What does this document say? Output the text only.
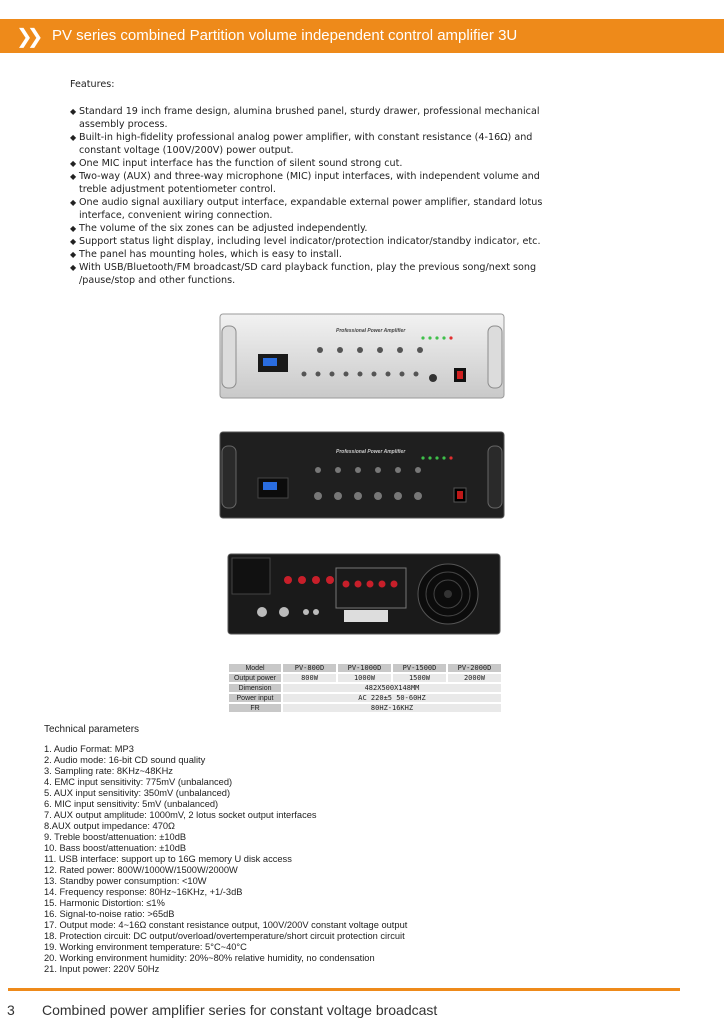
❯❯ PV series combined Partition volume independent control amplifier 3U
Features:
◆ Standard 19 inch frame design, alumina brushed panel, sturdy drawer, professional mechanical assembly process.
◆ Built-in high-fidelity professional analog power amplifier, with constant resistance (4-16Ω) and constant voltage (100V/200V) power output.
◆ One MIC input interface has the function of silent sound strong cut.
◆ Two-way (AUX) and three-way microphone (MIC) input interfaces, with independent volume and treble adjustment potentiometer control.
◆ One audio signal auxiliary output interface, expandable external power amplifier, standard lotus interface, convenient wiring connection.
◆ The volume of the six zones can be adjusted independently.
◆ Support status light display, including level indicator/protection indicator/standby indicator, etc.
◆ The panel has mounting holes, which is easy to install.
◆ With USB/Bluetooth/FM broadcast/SD card playback function, play the previous song/next song /pause/stop and other functions.
Professional Power Amplifier
Professional Power Amplifier
Model	PV-800D	PV-1000D	PV-1500D	PV-2000D
Output power	800W	1000W	1500W	2000W
Dimension	482X500X148MM			
Power input	AC 220±5 50-60HZ			
FR	80HZ-16KHZ			
Technical parameters
1. Audio Format: MP3
2. Audio mode: 16-bit CD sound quality
3. Sampling rate: 8KHz~48KHz
4. EMC input sensitivity: 775mV (unbalanced)
5. AUX input sensitivity: 350mV (unbalanced)
6. MIC input sensitivity: 5mV (unbalanced)
7. AUX output amplitude: 1000mV, 2 lotus socket output interfaces
8.AUX output impedance: 470Ω
9. Treble boost/attenuation: ±10dB
10. Bass boost/attenuation: ±10dB
11. USB interface: support up to 16G memory U disk access
12. Rated power: 800W/1000W/1500W/2000W
13. Standby power consumption: <10W
14. Frequency response: 80Hz~16KHz, +1/-3dB
15. Harmonic Distortion: ≤1%
16. Signal-to-noise ratio: >65dB
17. Output mode: 4~16Ω constant resistance output, 100V/200V constant voltage output
18. Protection circuit: DC output/overload/overtemperature/short circuit protection circuit
19. Working environment temperature: 5°C~40°C
20. Working environment humidity: 20%~80% relative humidity, no condensation
21. Input power: 220V 50Hz
3 Combined power amplifier series for constant voltage broadcast
